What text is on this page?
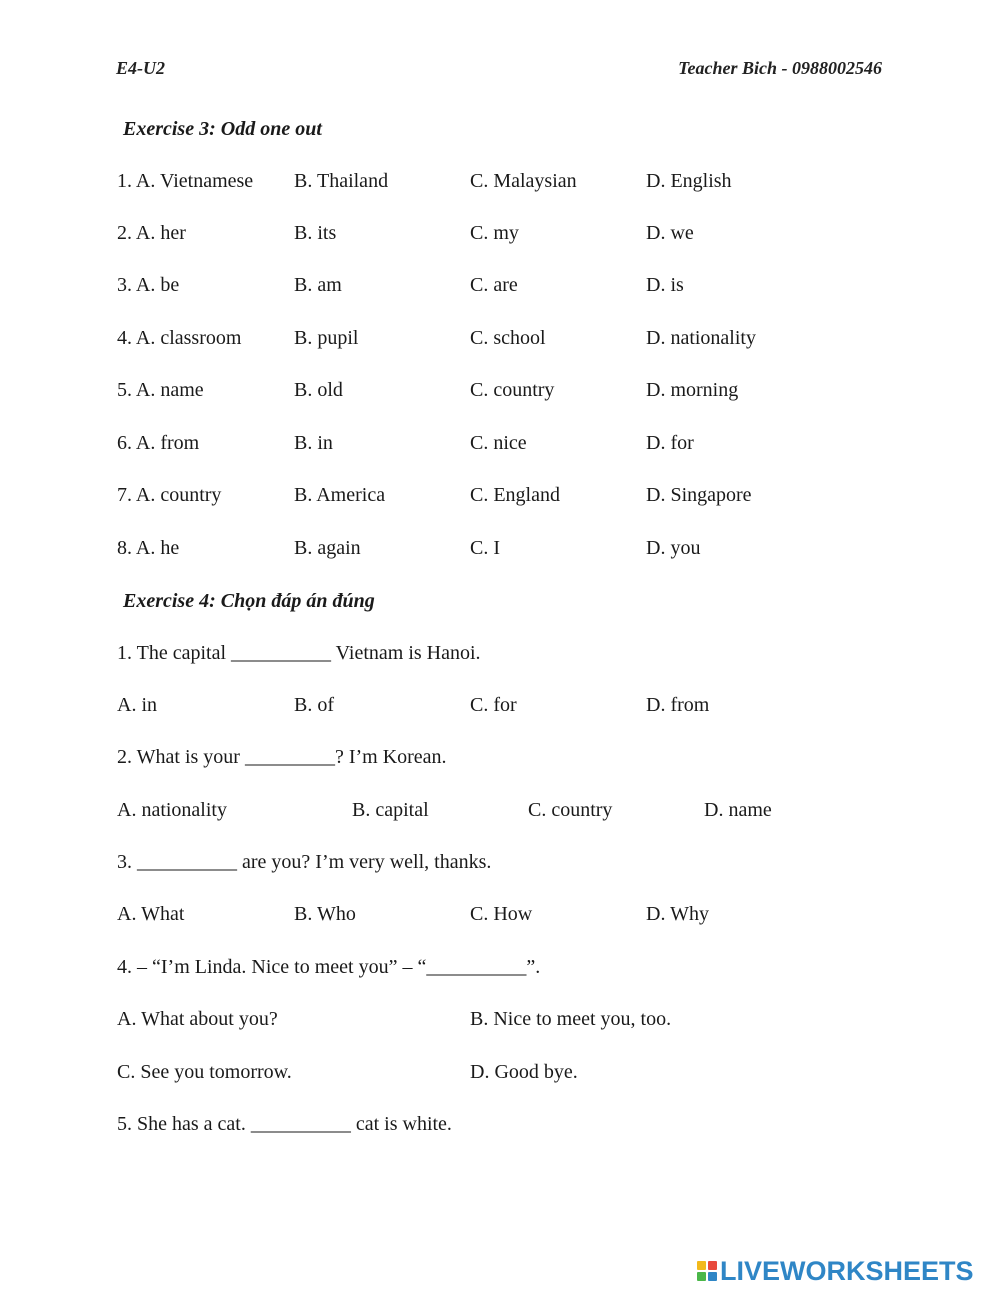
E4-U2	Teacher Bich - 0988002546
Exercise 3: Odd one out
1. A. Vietnamese B. Thailand	C. Malaysian	D. English
2. A. her	B. its	C. my	D. we
3. A. be	B. am	C. are	D. is
4. A. classroom	B. pupil	C. school	D. nationality
5. A. name	B. old	C. country	D. morning
6. A. from	B. in	C. nice	D. for
7. A. country	B. America	C. England	D. Singapore
8. A. he	B. again	C. I	D. you
Exercise 4: Chọn đáp án đúng
1. The capital __________ Vietnam is Hanoi.
A. in	B. of	C. for	D. from
2. What is your _________? I’m Korean.
A. nationality	B. capital	C. country	D. name
3. __________ are you? I’m very well, thanks.
A. What	B. Who	C. How	D. Why
4. – “I’m Linda. Nice to meet you” – “__________”.
A. What about you?	B. Nice to meet you, too.
C. See you tomorrow.	D. Good bye.
5. She has a cat. __________ cat is white.
LIVEWORKSHEETS
